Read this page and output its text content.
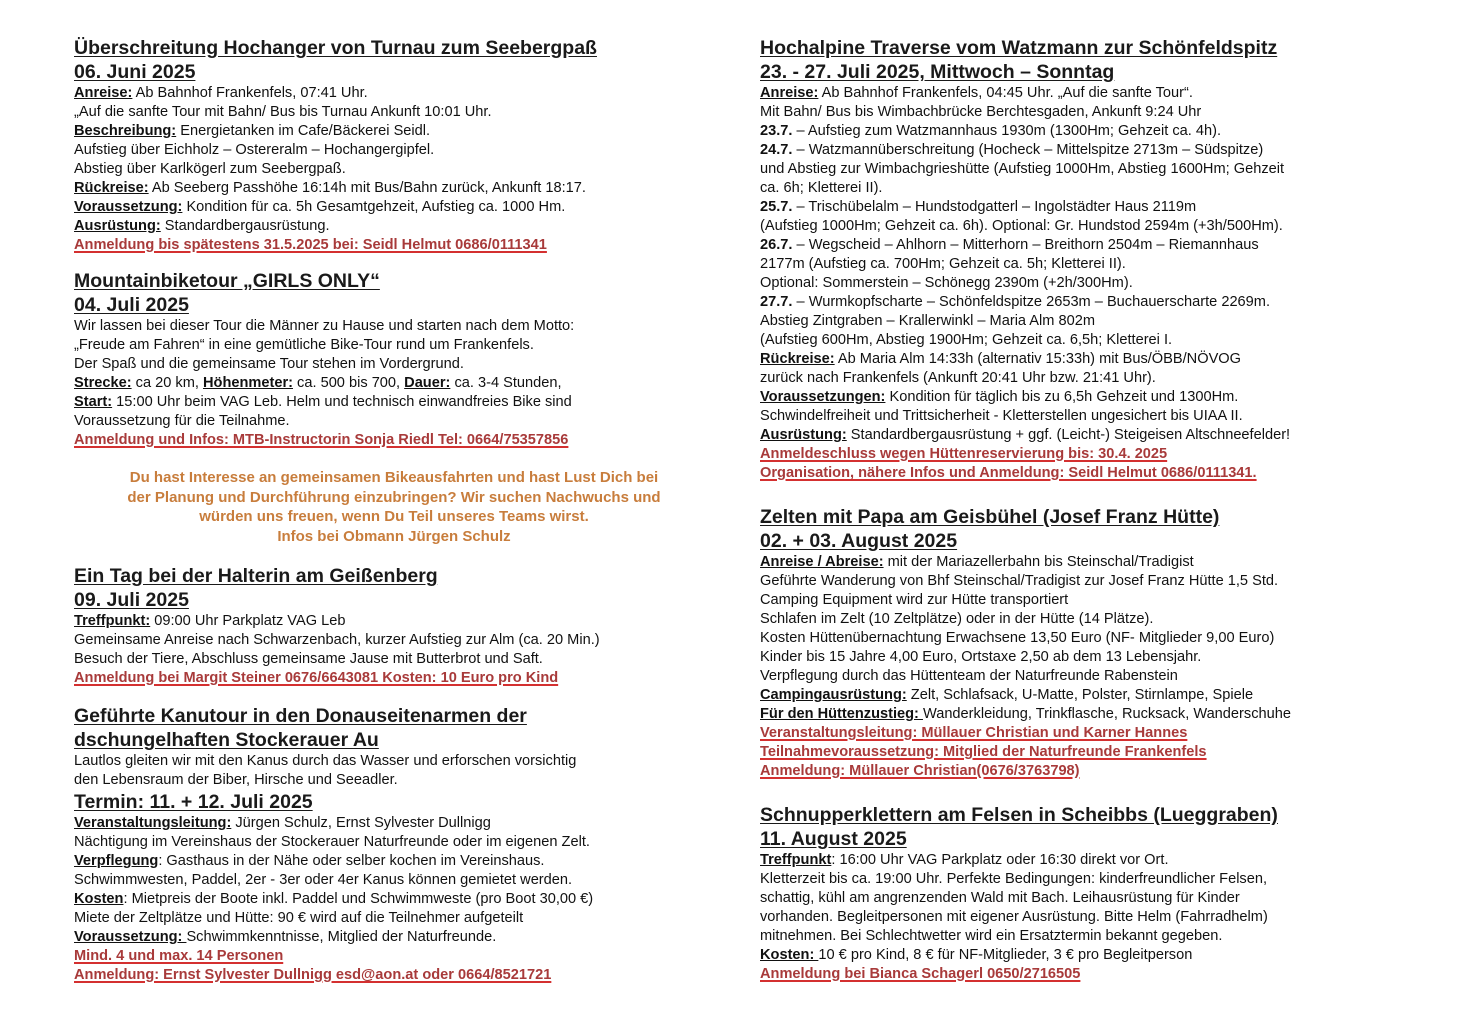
Überschreitung Hochanger von Turnau zum Seebergpaß

06. Juni 2025

Anreise: Ab Bahnhof Frankenfels, 07:41 Uhr.

„Auf die sanfte Tour mit Bahn/ Bus bis Turnau Ankunft 10:01 Uhr.

Beschreibung: Energietanken im Cafe/Bäckerei Seidl.

Aufstieg über Eichholz – Ostereralm – Hochangergipfel.

Abstieg über Karlkögerl zum Seebergpaß.

Rückreise: Ab Seeberg Passhöhe 16:14h mit Bus/Bahn zurück, Ankunft 18:17.

Voraussetzung: Kondition für ca. 5h Gesamtgehzeit, Aufstieg ca. 1000 Hm.

Ausrüstung: Standardbergausrüstung.

Anmeldung bis spätestens 31.5.2025 bei: Seidl Helmut 0686/0111341

Mountainbiketour „GIRLS ONLY“

04. Juli 2025

Wir lassen bei dieser Tour die Männer zu Hause und starten nach dem Motto:

„Freude am Fahren“ in eine gemütliche Bike-Tour rund um Frankenfels.

Der Spaß und die gemeinsame Tour stehen im Vordergrund.

Strecke: ca 20 km, Höhenmeter: ca. 500 bis 700, Dauer: ca. 3-4 Stunden,

Start: 15:00 Uhr beim VAG Leb. Helm und technisch einwandfreies Bike sind

Voraussetzung für die Teilnahme.

Anmeldung und Infos: MTB-Instructorin Sonja Riedl Tel: 0664/75357856

Du hast Interesse an gemeinsamen Bikeausfahrten und hast Lust Dich bei

der Planung und Durchführung einzubringen? Wir suchen Nachwuchs und

würden uns freuen, wenn Du Teil unseres Teams wirst.

Infos bei Obmann Jürgen Schulz

Ein Tag bei der Halterin am Geißenberg

09. Juli 2025

Treffpunkt: 09:00 Uhr Parkplatz VAG Leb

Gemeinsame Anreise nach Schwarzenbach, kurzer Aufstieg zur Alm (ca. 20 Min.)

Besuch der Tiere, Abschluss gemeinsame Jause mit Butterbrot und Saft.

Anmeldung bei Margit Steiner 0676/6643081 Kosten: 10 Euro pro Kind

Geführte Kanutour in den Donauseitenarmen der

dschungelhaften Stockerauer Au

Lautlos gleiten wir mit den Kanus durch das Wasser und erforschen vorsichtig

den Lebensraum der Biber, Hirsche und Seeadler.

Termin: 11. + 12. Juli 2025

Veranstaltungsleitung: Jürgen Schulz, Ernst Sylvester Dullnigg

Nächtigung im Vereinshaus der Stockerauer Naturfreunde oder im eigenen Zelt.

Verpflegung: Gasthaus in der Nähe oder selber kochen im Vereinshaus.

Schwimmwesten, Paddel, 2er - 3er oder 4er Kanus können gemietet werden.

Kosten: Mietpreis der Boote inkl. Paddel und Schwimmweste (pro Boot 30,00 €)

Miete der Zeltplätze und Hütte: 90 € wird auf die Teilnehmer aufgeteilt

Voraussetzung: Schwimmkenntnisse, Mitglied der Naturfreunde.

Mind. 4 und max. 14 Personen

Anmeldung: Ernst Sylvester Dullnigg esd@aon.at oder 0664/8521721

Hochalpine Traverse vom Watzmann zur Schönfeldspitz

23. - 27. Juli 2025, Mittwoch – Sonntag

Anreise: Ab Bahnhof Frankenfels, 04:45 Uhr. „Auf die sanfte Tour“.

Mit Bahn/ Bus bis Wimbachbrücke Berchtesgaden, Ankunft 9:24 Uhr

23.7. – Aufstieg zum Watzmannhaus 1930m (1300Hm; Gehzeit ca. 4h).

24.7. – Watzmannüberschreitung (Hocheck – Mittelspitze 2713m – Südspitze)

und Abstieg zur Wimbachgrieshütte (Aufstieg 1000Hm, Abstieg 1600Hm; Gehzeit

ca. 6h; Kletterei II).

25.7. – Trischübelalm – Hundstodgatterl – Ingolstädter Haus 2119m

(Aufstieg 1000Hm; Gehzeit ca. 6h). Optional: Gr. Hundstod 2594m (+3h/500Hm).

26.7. – Wegscheid – Ahlhorn – Mitterhorn – Breithorn 2504m – Riemannhaus

2177m (Aufstieg ca. 700Hm; Gehzeit ca. 5h; Kletterei II).

Optional: Sommerstein – Schönegg 2390m (+2h/300Hm).

27.7. – Wurmkopfscharte – Schönfeldspitze 2653m – Buchauerscharte 2269m.

Abstieg Zintgraben – Krallerwinkl – Maria Alm 802m

(Aufstieg 600Hm, Abstieg 1900Hm; Gehzeit ca. 6,5h; Kletterei I.

Rückreise: Ab Maria Alm 14:33h (alternativ 15:33h) mit Bus/ÖBB/NÖVOG

zurück nach Frankenfels (Ankunft 20:41 Uhr bzw. 21:41 Uhr).

Voraussetzungen: Kondition für täglich bis zu 6,5h Gehzeit und 1300Hm.

Schwindelfreiheit und Trittsicherheit - Kletterstellen ungesichert bis UIAA II.

Ausrüstung: Standardbergausrüstung + ggf. (Leicht-) Steigeisen Altschneefelder!

Anmeldeschluss wegen Hüttenreservierung bis: 30.4. 2025

Organisation, nähere Infos und Anmeldung: Seidl Helmut 0686/0111341.

Zelten mit Papa am Geisbühel (Josef Franz Hütte)

02. + 03. August 2025

Anreise / Abreise: mit der Mariazellerbahn bis Steinschal/Tradigist

Geführte Wanderung von Bhf Steinschal/Tradigist zur Josef Franz Hütte 1,5 Std.

Camping Equipment wird zur Hütte transportiert

Schlafen im Zelt (10 Zeltplätze) oder in der Hütte (14 Plätze).

Kosten Hüttenübernachtung Erwachsene 13,50 Euro (NF- Mitglieder 9,00 Euro)

Kinder bis 15 Jahre 4,00 Euro, Ortstaxe 2,50 ab dem 13 Lebensjahr.

Verpflegung durch das Hüttenteam der Naturfreunde Rabenstein

Campingausrüstung: Zelt, Schlafsack, U-Matte, Polster, Stirnlampe, Spiele

Für den Hüttenzustieg: Wanderkleidung, Trinkflasche, Rucksack, Wanderschuhe

Veranstaltungsleitung: Müllauer Christian und Karner Hannes

Teilnahmevoraussetzung: Mitglied der Naturfreunde Frankenfels

Anmeldung: Müllauer Christian(0676/3763798)

Schnupperklettern am Felsen in Scheibbs (Lueggraben)

11. August 2025

Treffpunkt: 16:00 Uhr VAG Parkplatz oder 16:30 direkt vor Ort.

Kletterzeit bis ca. 19:00 Uhr. Perfekte Bedingungen: kinderfreundlicher Felsen,

schattig, kühl am angrenzenden Wald mit Bach. Leihausrüstung für Kinder

vorhanden. Begleitpersonen mit eigener Ausrüstung. Bitte Helm (Fahrradhelm)

mitnehmen. Bei Schlechtwetter wird ein Ersatztermin bekannt gegeben.

Kosten: 10 € pro Kind, 8 € für NF-Mitglieder, 3 € pro Begleitperson

Anmeldung bei Bianca Schagerl 0650/2716505
